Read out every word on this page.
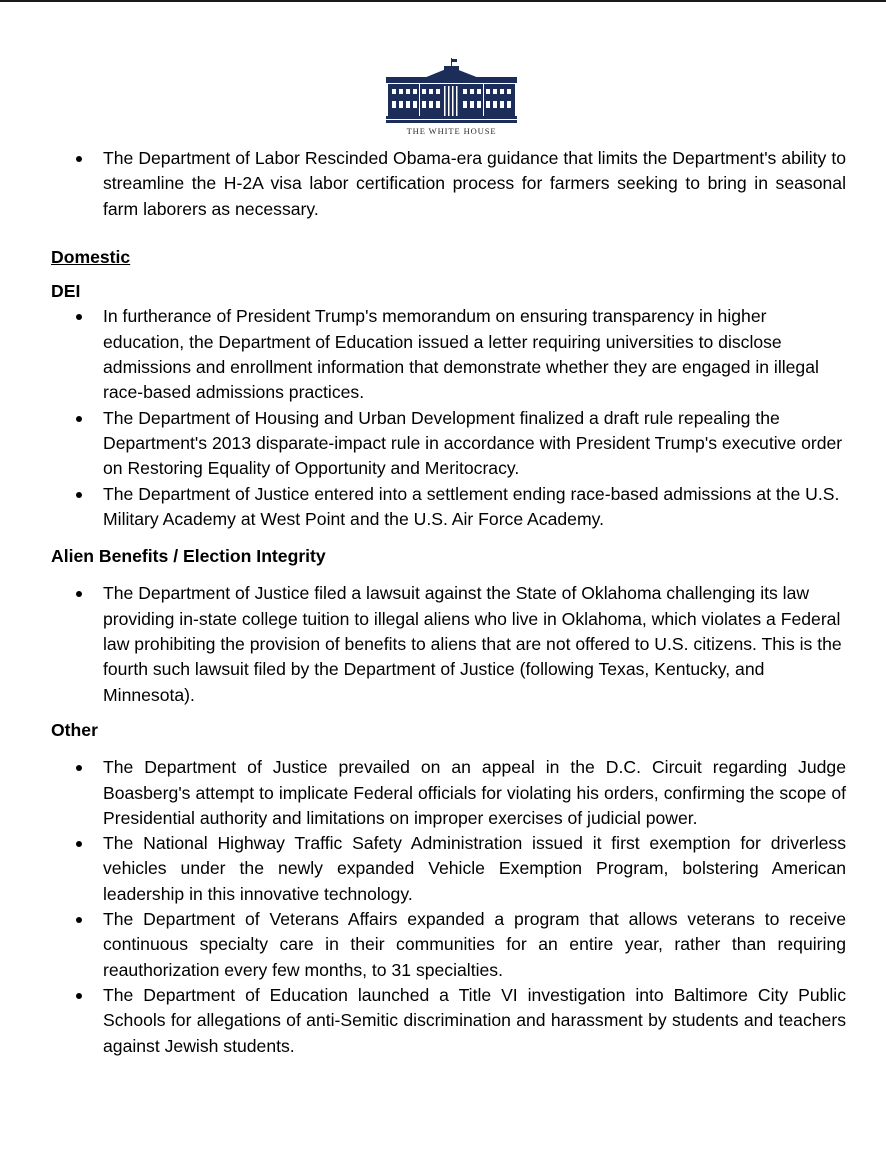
THE WHITE HOUSE
The Department of Labor Rescinded Obama-era guidance that limits the Department's ability to streamline the H-2A visa labor certification process for farmers seeking to bring in seasonal farm laborers as necessary.
Domestic
DEI
In furtherance of President Trump's memorandum on ensuring transparency in higher education, the Department of Education issued a letter requiring universities to disclose admissions and enrollment information that demonstrate whether they are engaged in illegal race-based admissions practices.
The Department of Housing and Urban Development finalized a draft rule repealing the Department's 2013 disparate-impact rule in accordance with President Trump's executive order on Restoring Equality of Opportunity and Meritocracy.
The Department of Justice entered into a settlement ending race-based admissions at the U.S. Military Academy at West Point and the U.S. Air Force Academy.
Alien Benefits / Election Integrity
The Department of Justice filed a lawsuit against the State of Oklahoma challenging its law providing in-state college tuition to illegal aliens who live in Oklahoma, which violates a Federal law prohibiting the provision of benefits to aliens that are not offered to U.S. citizens. This is the fourth such lawsuit filed by the Department of Justice (following Texas, Kentucky, and Minnesota).
Other
The Department of Justice prevailed on an appeal in the D.C. Circuit regarding Judge Boasberg's attempt to implicate Federal officials for violating his orders, confirming the scope of Presidential authority and limitations on improper exercises of judicial power.
The National Highway Traffic Safety Administration issued it first exemption for driverless vehicles under the newly expanded Vehicle Exemption Program, bolstering American leadership in this innovative technology.
The Department of Veterans Affairs expanded a program that allows veterans to receive continuous specialty care in their communities for an entire year, rather than requiring reauthorization every few months, to 31 specialties.
The Department of Education launched a Title VI investigation into Baltimore City Public Schools for allegations of anti-Semitic discrimination and harassment by students and teachers against Jewish students.
